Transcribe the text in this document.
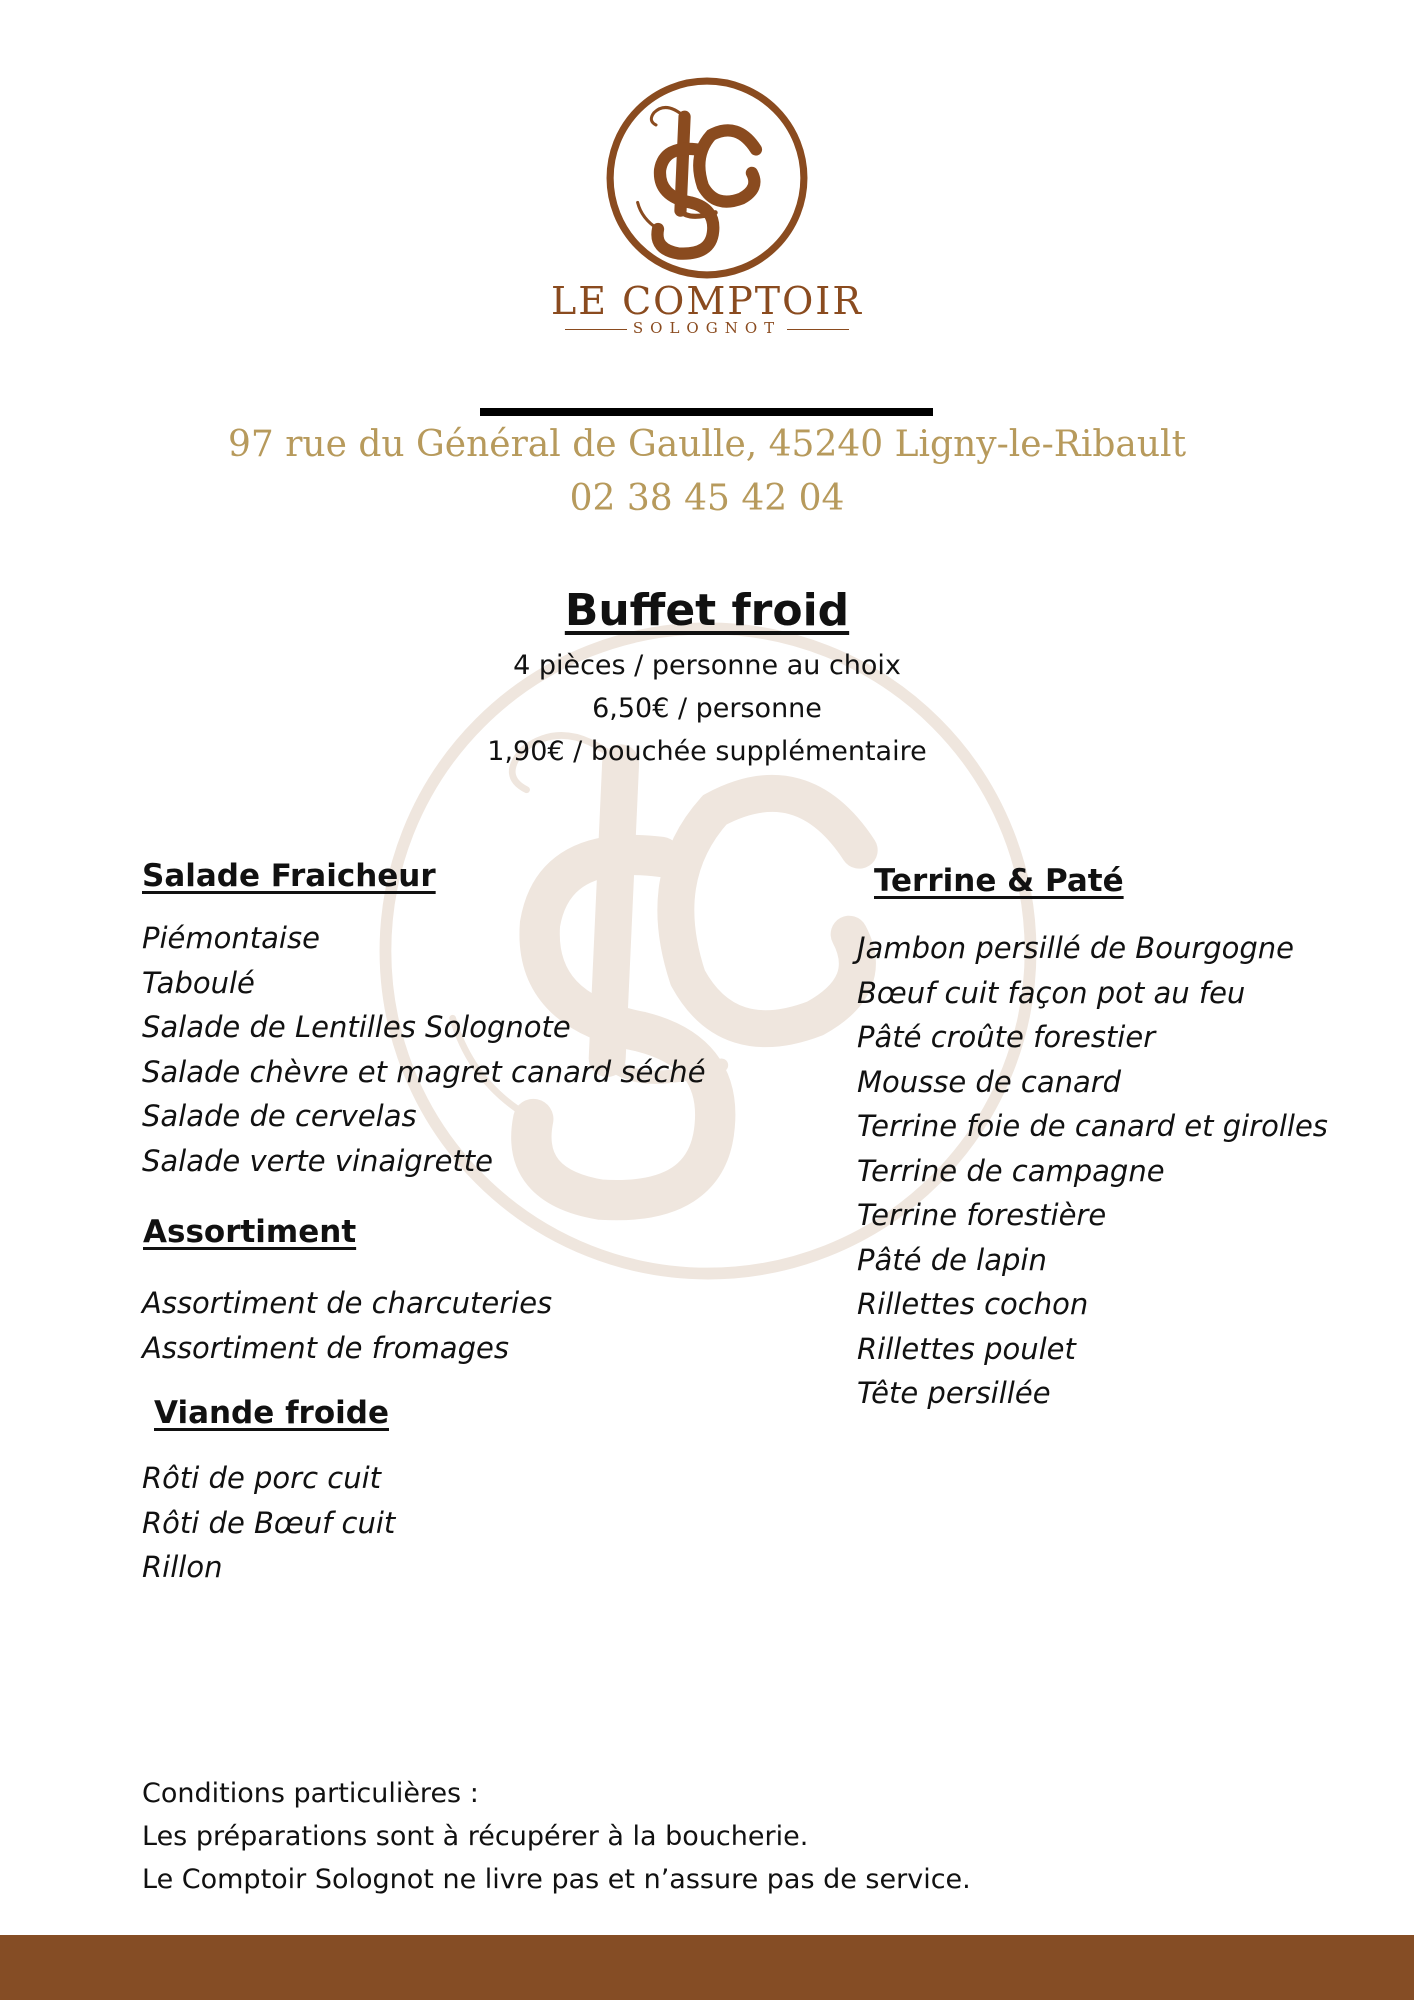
LE COMPTOIR
SOLOGNOT
97 rue du Général de Gaulle, 45240 Ligny-le-Ribault
02 38 45 42 04
Buffet froid
4 pièces / personne au choix
6,50€ / personne
1,90€ / bouchée supplémentaire
Salade Fraicheur
Piémontaise
Taboulé
Salade de Lentilles Solognote
Salade chèvre et magret canard séché
Salade de cervelas
Salade verte vinaigrette
Assortiment
Assortiment de charcuteries
Assortiment de fromages
Viande froide
Rôti de porc cuit
Rôti de Bœuf cuit
Rillon
Terrine & Paté
Jambon persillé de Bourgogne
Bœuf cuit façon pot au feu
Pâté croûte forestier
Mousse de canard
Terrine foie de canard et girolles
Terrine de campagne
Terrine forestière
Pâté de lapin
Rillettes cochon
Rillettes poulet
Tête persillée
Conditions particulières :
Les préparations sont à récupérer à la boucherie.
Le Comptoir Solognot ne livre pas et n’assure pas de service.
